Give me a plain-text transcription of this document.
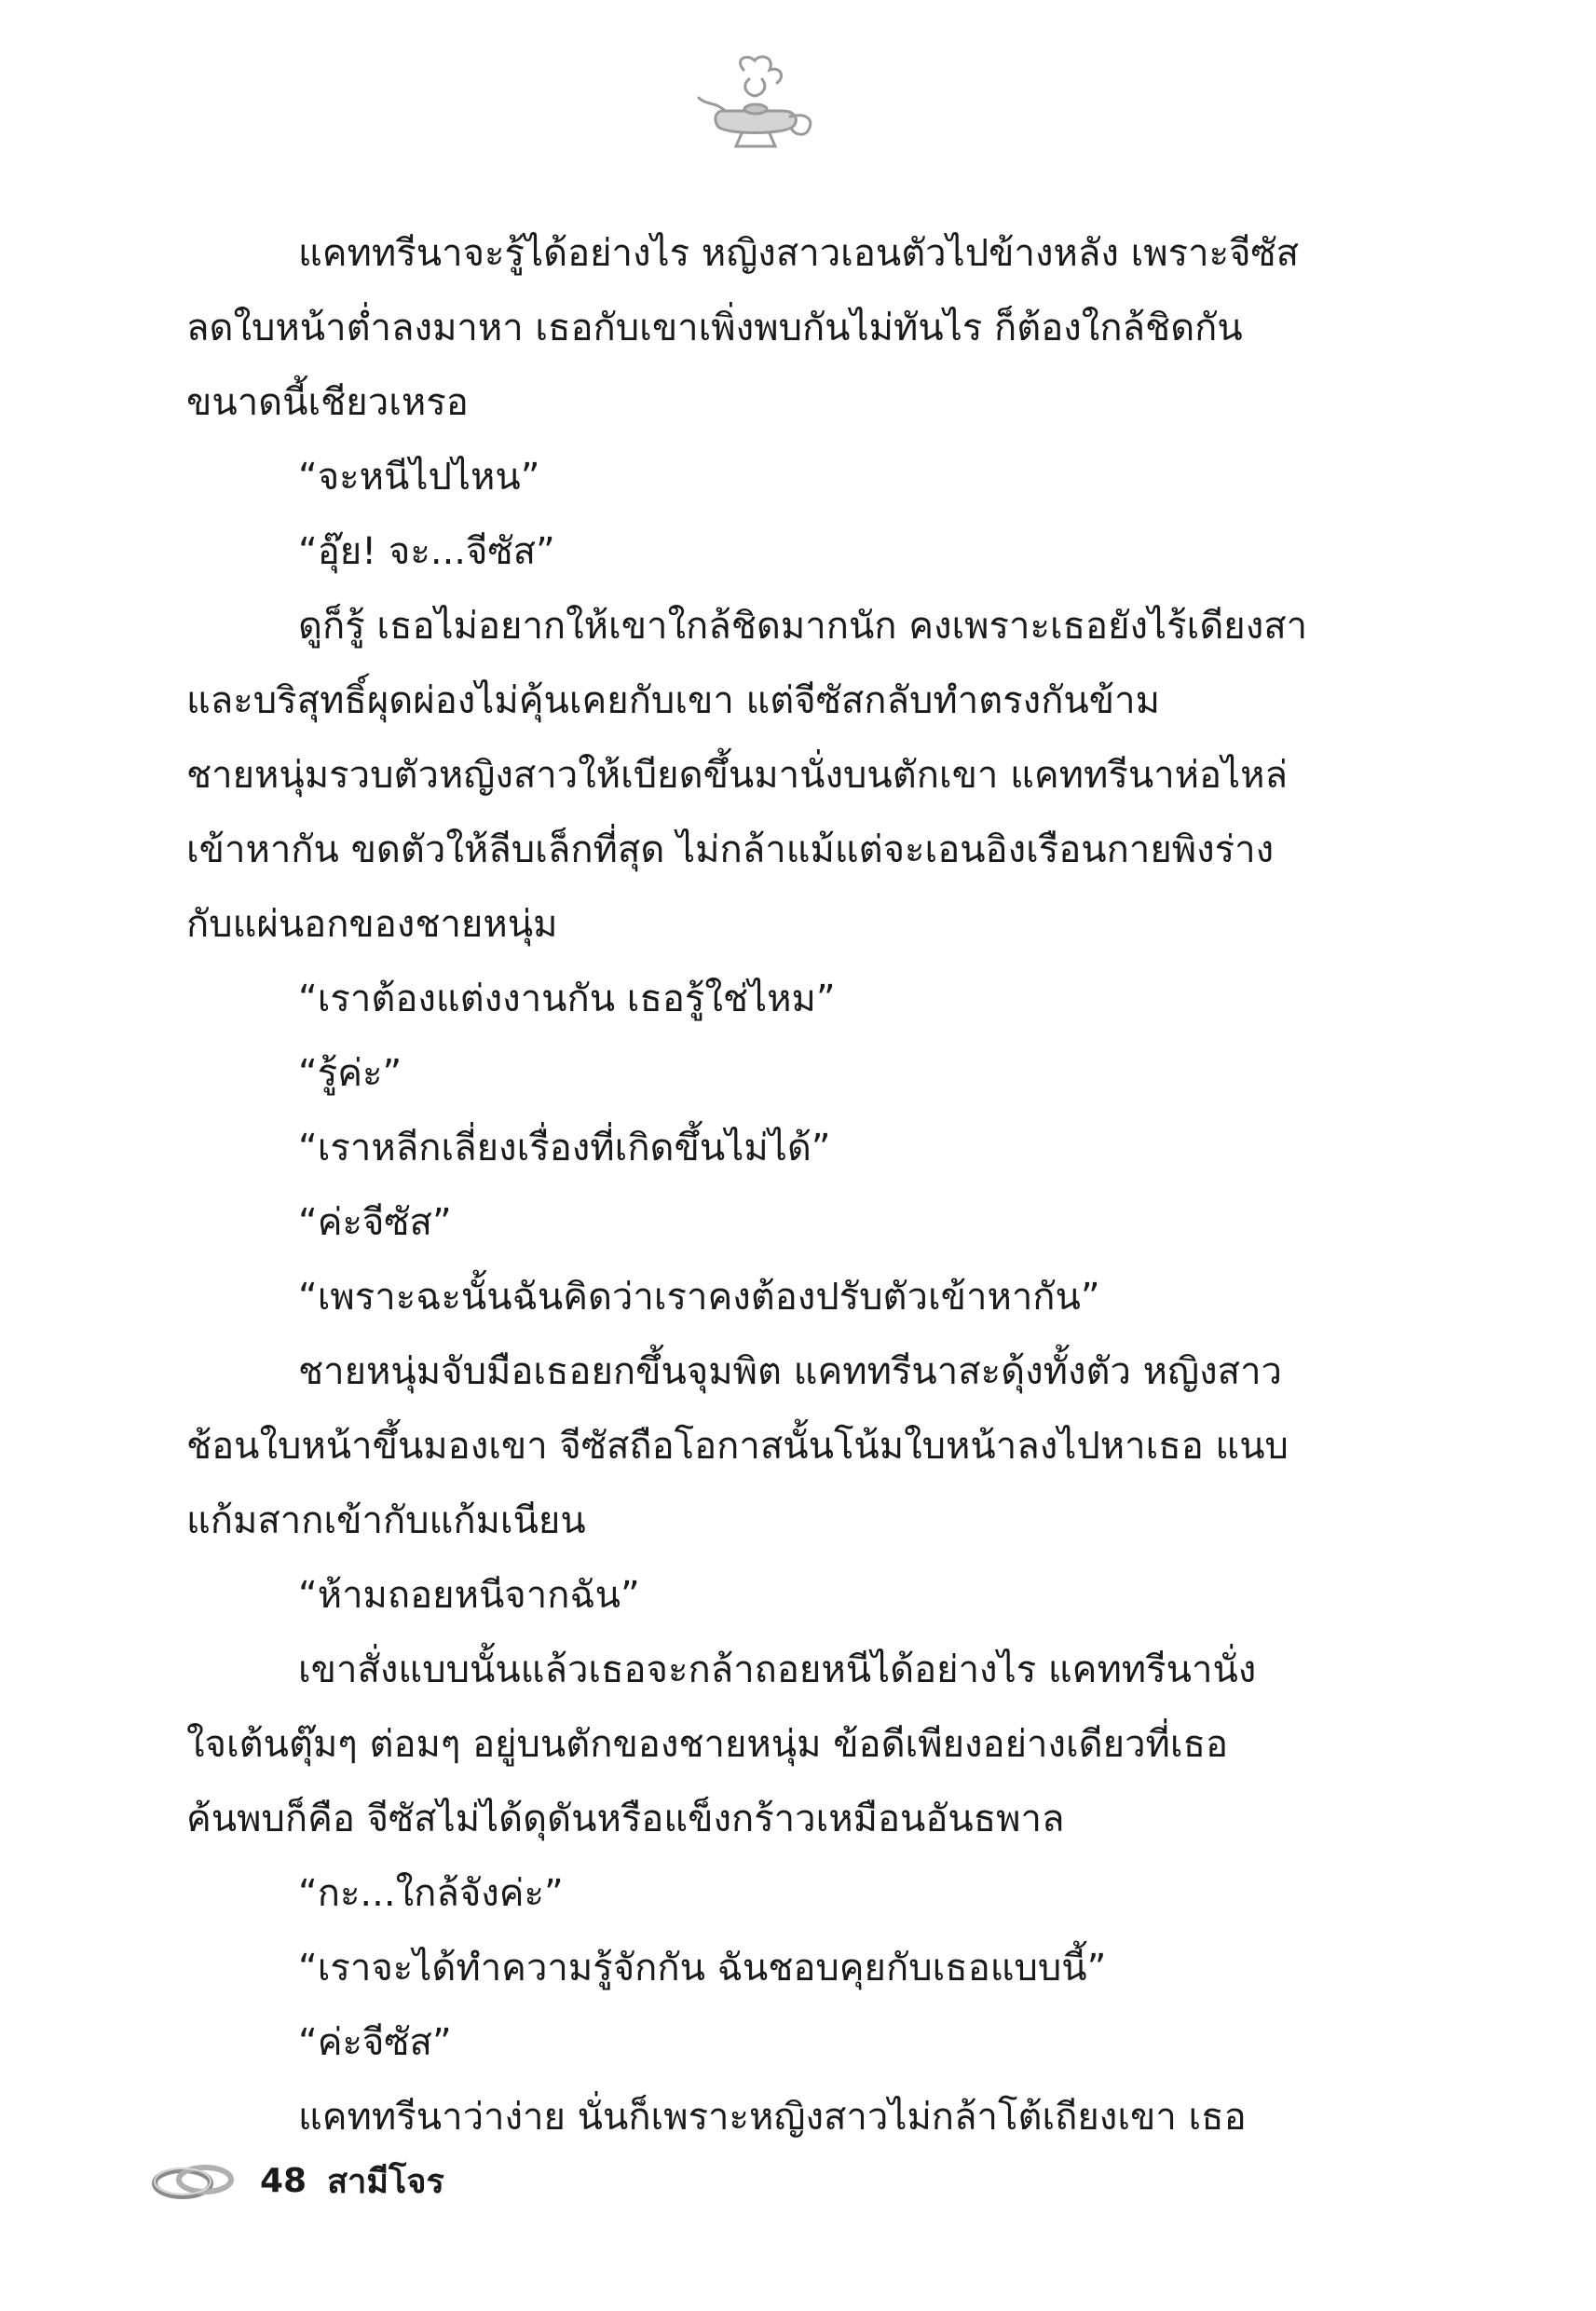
แคททรีนาจะรู้ได้อย่างไร หญิงสาวเอนตัวไปข้างหลัง เพราะจีซัส
ลดใบหน้าต่ำลงมาหา เธอกับเขาเพิ่งพบกันไม่ทันไร ก็ต้องใกล้ชิดกัน
ขนาดนี้เชียวเหรอ
“จะหนีไปไหน”
“อุ๊ย! จะ...จีซัส”
ดูก็รู้ เธอไม่อยากให้เขาใกล้ชิดมากนัก คงเพราะเธอยังไร้เดียงสา
และบริสุทธิ์ผุดผ่องไม่คุ้นเคยกับเขา แต่จีซัสกลับทำตรงกันข้าม
ชายหนุ่มรวบตัวหญิงสาวให้เบียดขึ้นมานั่งบนตักเขา แคททรีนาห่อไหล่
เข้าหากัน ขดตัวให้ลีบเล็กที่สุด ไม่กล้าแม้แต่จะเอนอิงเรือนกายพิงร่าง
กับแผ่นอกของชายหนุ่ม
“เราต้องแต่งงานกัน เธอรู้ใช่ไหม”
“รู้ค่ะ”
“เราหลีกเลี่ยงเรื่องที่เกิดขึ้นไม่ได้”
“ค่ะจีซัส”
“เพราะฉะนั้นฉันคิดว่าเราคงต้องปรับตัวเข้าหากัน”
ชายหนุ่มจับมือเธอยกขึ้นจุมพิต แคททรีนาสะดุ้งทั้งตัว หญิงสาว
ช้อนใบหน้าขึ้นมองเขา จีซัสถือโอกาสนั้นโน้มใบหน้าลงไปหาเธอ แนบ
แก้มสากเข้ากับแก้มเนียน
“ห้ามถอยหนีจากฉัน”
เขาสั่งแบบนั้นแล้วเธอจะกล้าถอยหนีได้อย่างไร แคททรีนานั่ง
ใจเต้นตุ๊มๆ ต่อมๆ อยู่บนตักของชายหนุ่ม ข้อดีเพียงอย่างเดียวที่เธอ
ค้นพบก็คือ จีซัสไม่ได้ดุดันหรือแข็งกร้าวเหมือนอันธพาล
“กะ...ใกล้จังค่ะ”
“เราจะได้ทำความรู้จักกัน ฉันชอบคุยกับเธอแบบนี้”
“ค่ะจีซัส”
แคททรีนาว่าง่าย นั่นก็เพราะหญิงสาวไม่กล้าโต้เถียงเขา เธอ
48 สามีโจร
